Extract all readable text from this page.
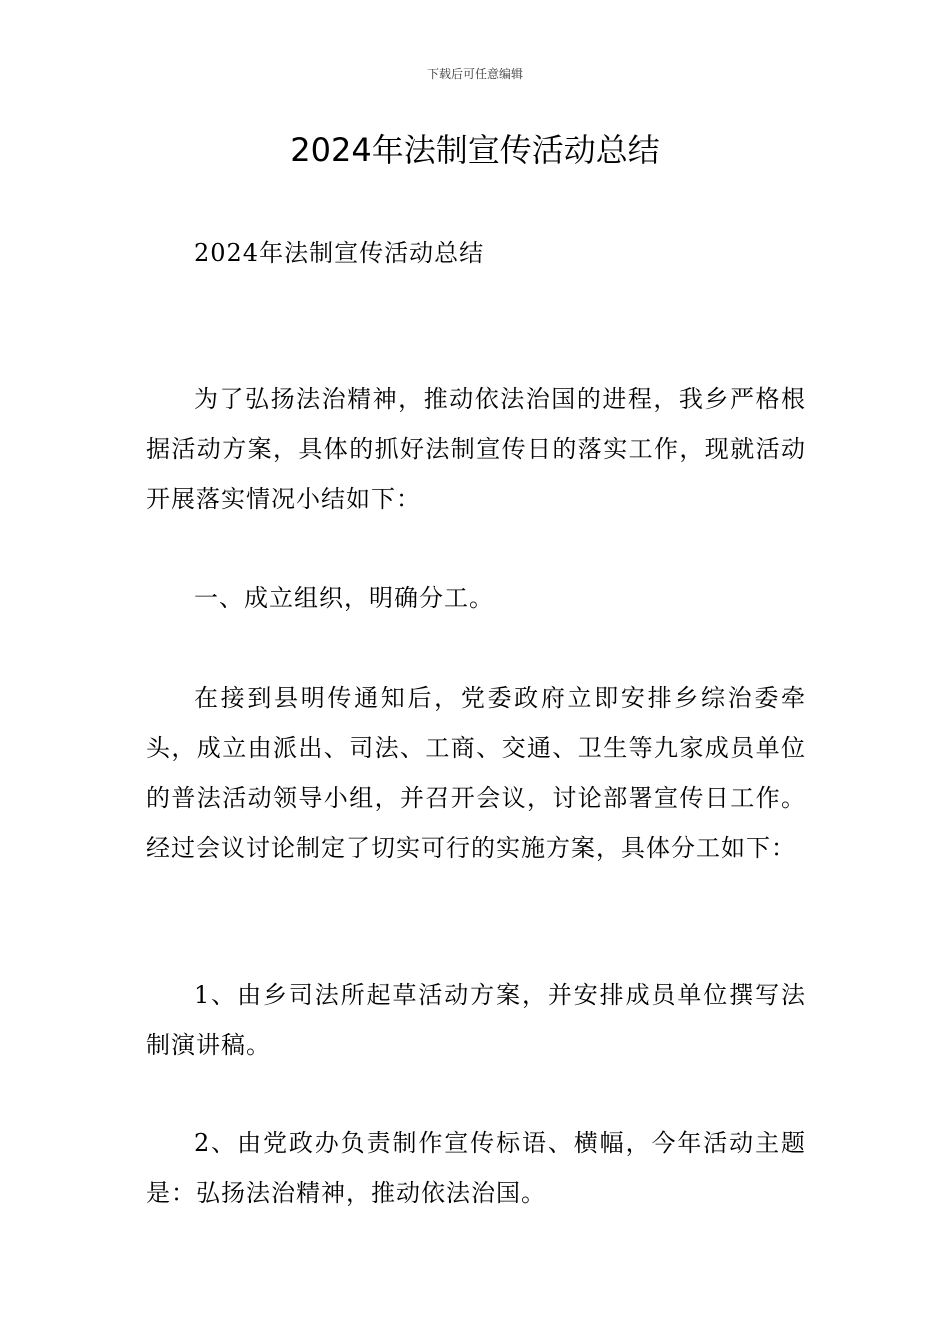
下载后可任意编辑
2024年法制宣传活动总结

2024年法制宣传活动总结

为了弘扬法治精神，推动依法治国的进程，我乡严格根据活动方案，具体的抓好法制宣传日的落实工作，现就活动开展落实情况小结如下：

一、成立组织，明确分工。

在接到县明传通知后，党委政府立即安排乡综治委牵头，成立由派出、司法、工商、交通、卫生等九家成员单位的普法活动领导小组，并召开会议，讨论部署宣传日工作。经过会议讨论制定了切实可行的实施方案，具体分工如下：

1、由乡司法所起草活动方案，并安排成员单位撰写法制演讲稿。

2、由党政办负责制作宣传标语、横幅，今年活动主题是：弘扬法治精神，推动依法治国。
